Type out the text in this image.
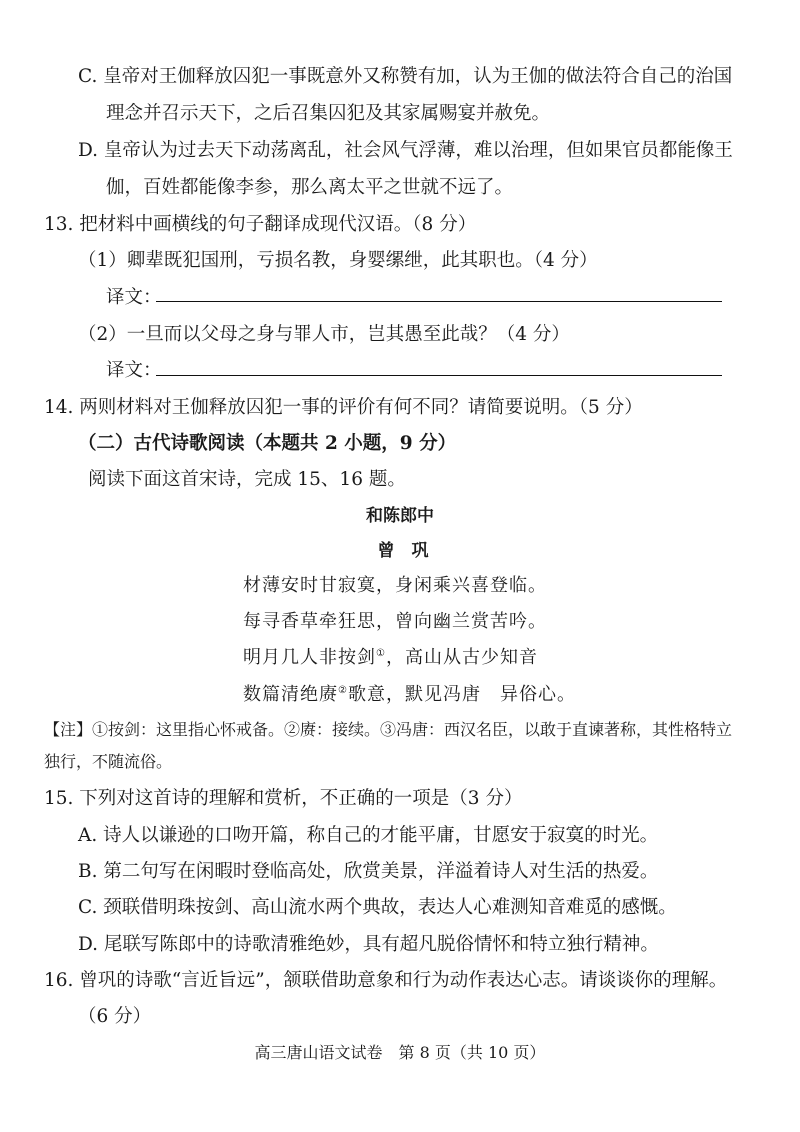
C. 皇帝对王伽释放囚犯一事既意外又称赞有加，认为王伽的做法符合自己的治国
理念并召示天下，之后召集囚犯及其家属赐宴并赦免。
D. 皇帝认为过去天下动荡离乱，社会风气浮薄，难以治理，但如果官员都能像王
伽，百姓都能像李参，那么离太平之世就不远了。
13. 把材料中画横线的句子翻译成现代汉语。（8 分）
（1）卿辈既犯国刑，亏损名教，身婴缧绁，此其职也。（4 分）
译文：
（2）一旦而以父母之身与罪人市，岂其愚至此哉？（4 分）
译文：
14. 两则材料对王伽释放囚犯一事的评价有何不同？请简要说明。（5 分）
（二）古代诗歌阅读（本题共 2 小题，9 分）
阅读下面这首宋诗，完成 15、16 题。
和陈郎中
曾　巩
材薄安时甘寂寞，身闲乘兴喜登临。
每寻香草牵狂思，曾向幽兰赏苦吟。
明月几人非按剑①，高山从古少知音
数篇清绝赓②歌意，默见冯唐　异俗心。
【注】①按剑：这里指心怀戒备。②赓：接续。③冯唐：西汉名臣，以敢于直谏著称，其性格特立
独行，不随流俗。
15. 下列对这首诗的理解和赏析，不正确的一项是（3 分）
A. 诗人以谦逊的口吻开篇，称自己的才能平庸，甘愿安于寂寞的时光。
B. 第二句写在闲暇时登临高处，欣赏美景，洋溢着诗人对生活的热爱。
C. 颈联借明珠按剑、高山流水两个典故，表达人心难测知音难觅的感慨。
D. 尾联写陈郎中的诗歌清雅绝妙，具有超凡脱俗情怀和特立独行精神。
16. 曾巩的诗歌“言近旨远”，颔联借助意象和行为动作表达心志。请谈谈你的理解。
（6 分）
高三唐山语文试卷　第 8 页（共 10 页）
